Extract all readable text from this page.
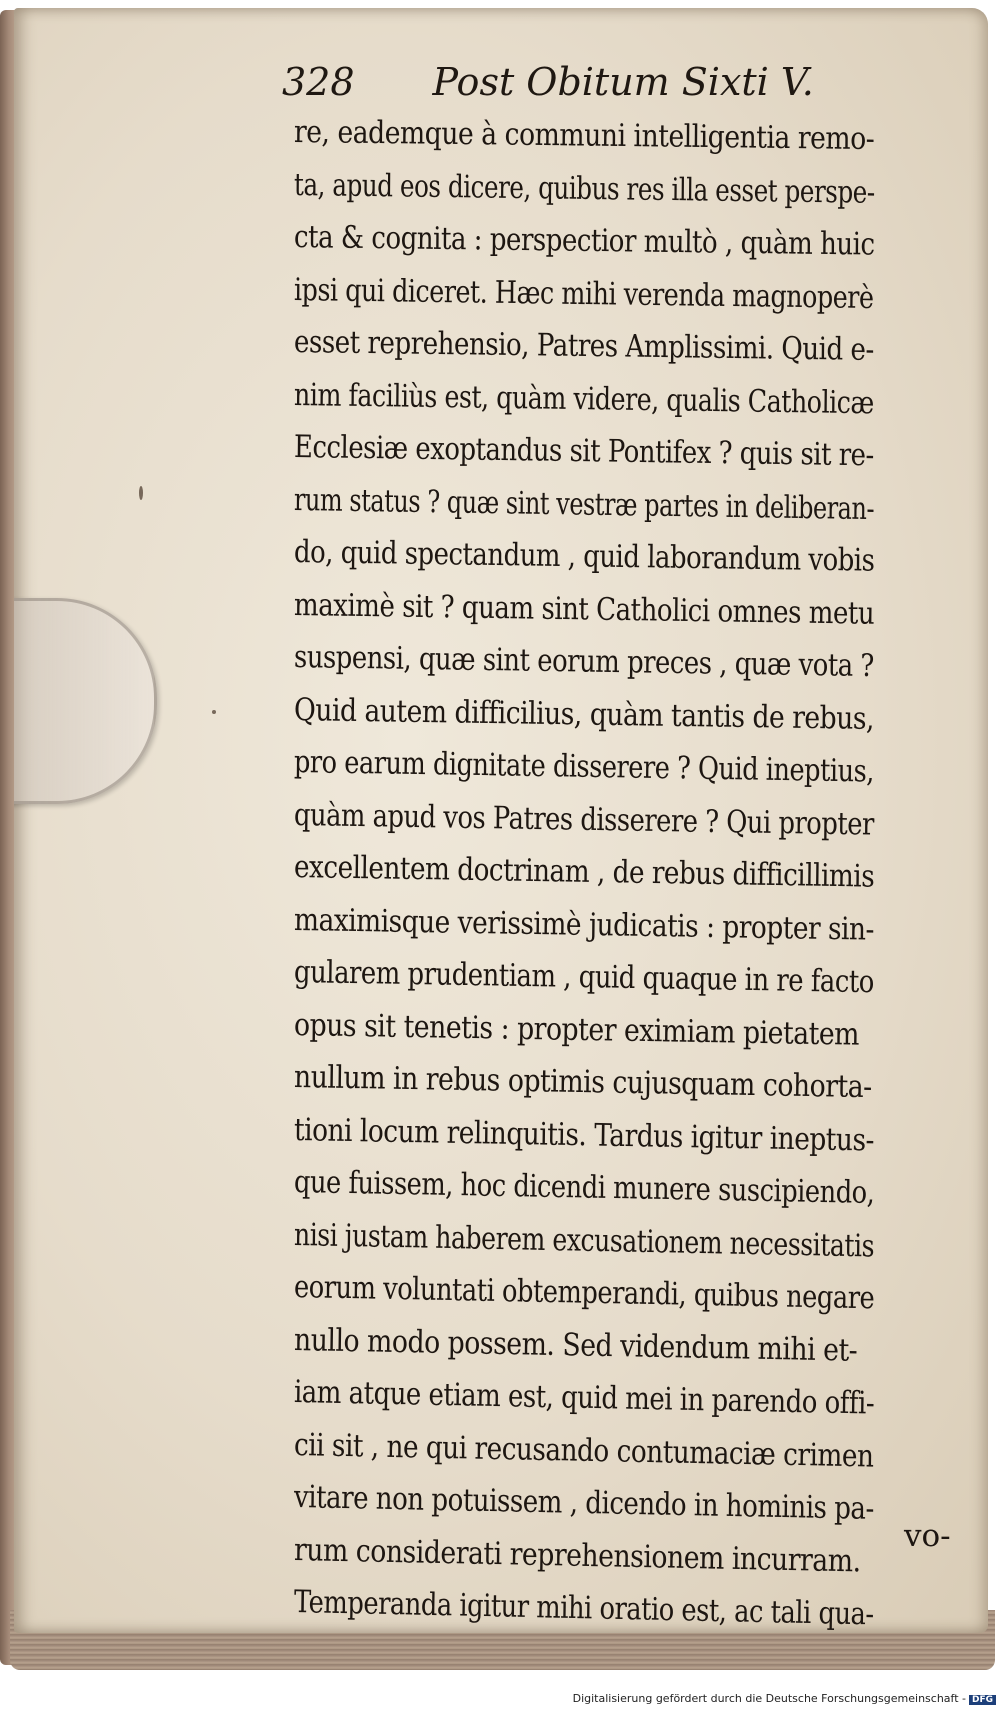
328 Post Obitum Sixti V.
re, eademque à communi intelligentia remo-
ta, apud eos dicere, quibus res illa esset perspe-
cta & cognita : perspectior multò , quàm huic
ipsi qui diceret. Hæc mihi verenda magnoperè
esset reprehensio, Patres Amplissimi. Quid e-
nim faciliùs est, quàm videre, qualis Catholicæ
Ecclesiæ exoptandus sit Pontifex ? quis sit re-
rum status ? quæ sint vestræ partes in deliberan-
do, quid spectandum , quid laborandum vobis
maximè sit ? quam sint Catholici omnes metu
suspensi, quæ sint eorum preces , quæ vota ?
Quid autem difficilius, quàm tantis de rebus,
pro earum dignitate disserere ? Quid ineptius,
quàm apud vos Patres disserere ? Qui propter
excellentem doctrinam , de rebus difficillimis
maximisque verissimè judicatis : propter sin-
gularem prudentiam , quid quaque in re facto
opus sit tenetis : propter eximiam pietatem
nullum in rebus optimis cujusquam cohorta-
tioni locum relinquitis. Tardus igitur ineptus-
que fuissem, hoc dicendi munere suscipiendo,
nisi justam haberem excusationem necessitatis
eorum voluntati obtemperandi, quibus negare
nullo modo possem. Sed videndum mihi et-
iam atque etiam est, quid mei in parendo offi-
cii sit , ne qui recusando contumaciæ crimen
vitare non potuissem , dicendo in hominis pa-
rum considerati reprehensionem incurram.
Temperanda igitur mihi oratio est, ac tali qua-
vo-
Digitalisierung gefördert durch die Deutsche Forschungsgemeinschaft - DFG
